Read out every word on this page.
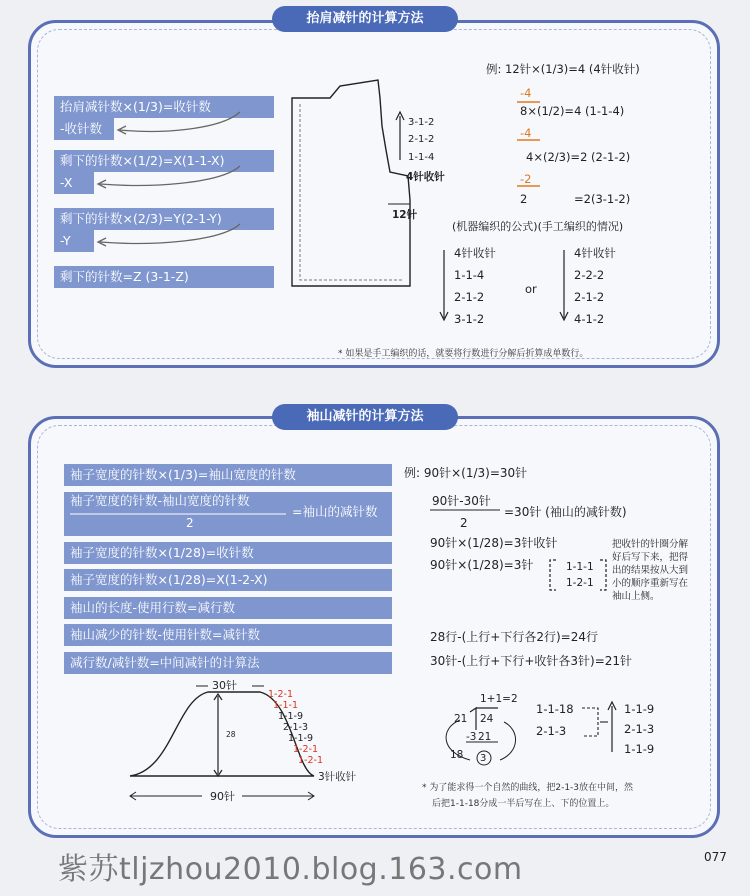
抬肩减针的计算方法
抬肩减针数×(1/3)=收针数
-收针数
剩下的针数×(1/2)=X(1-1-X)
-X
剩下的针数×(2/3)=Y(2-1-Y)
-Y
剩下的针数=Z (3-1-Z)
3-1-2
2-1-2
1-1-4
4针收针
12针
例: 12针×(1/3)=4 (4针收针)
-4
8×(1/2)=4 (1-1-4)
-4
4×(2/3)=2 (2-1-2)
-2
2	=2(3-1-2)
(机器编织的公式)(手工编织的情况)
4针收针
1-1-4
2-1-2
3-1-2
or
4针收针
2-2-2
2-1-2
4-1-2
* 如果是手工编织的话，就要将行数进行分解后折算成单数行。
袖山减针的计算方法
袖子宽度的针数×(1/3)=袖山宽度的针数
袖子宽度的针数-袖山宽度的针数
2
=袖山的减针数
袖子宽度的针数×(1/28)=收针数
袖子宽度的针数×(1/28)=X(1-2-X)
袖山的长度-使用行数=减行数
袖山减少的针数-使用针数=减针数
减行数/减针数=中间减针的计算法
例: 90针×(1/3)=30针
90针-30针
2
=30针 (袖山的减针数)
90针×(1/28)=3针收针
90针×(1/28)=3针	1-1-1
1-2-1
把收针的针圈分解
好后写下来，把得
出的结果按从大到
小的顺序重新写在
袖山上侧。
28行-(上行+下行各2行)=24行
30针-(上行+下行+收针各3针)=21针
1+1=2
21 24
-3 21
18 3
1-1-18
2-1-3
1-1-9
2-1-3
1-1-9
30针
28
90针
3针收针
1-2-1
1-1-1
1-1-9
2-1-3
1-1-9
1-2-1
1-2-1
* 为了能求得一个自然的曲线，把2-1-3放在中间，然
后把1-1-18分成一半后写在上、下的位置上。
紫苏tljzhou2010.blog.163.com	077
